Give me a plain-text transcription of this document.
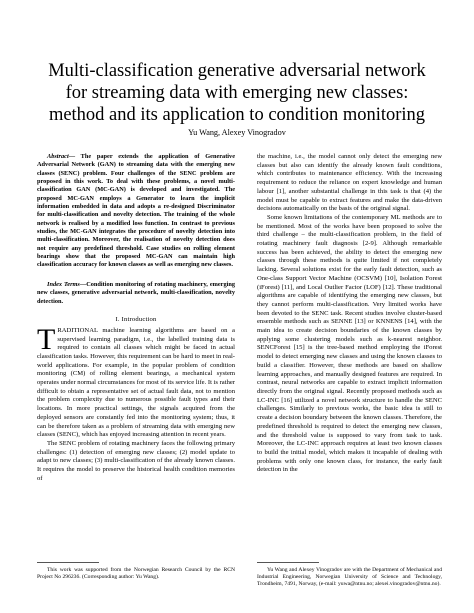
Multi-classification generative adversarial network
for streaming data with emerging new classes:
method and its application to condition monitoring
Yu Wang, Alexey Vinogradov

Abstract— The paper extends the application of Generative Adversarial Network (GAN) to streaming data with the emerging new classes (SENC) problem. Four challenges of the SENC problem are proposed in this work. To deal with these problems, a novel multi-classification GAN (MC-GAN) is developed and investigated. The proposed MC-GAN employs a Generator to learn the implicit information embedded in data and adopts a re-designed Discriminator for multi-classification and novelty detection. The training of the whole network is realised by a modified loss function. In contrast to previous studies, the MC-GAN integrates the procedure of novelty detection into multi-classification. Moreover, the realisation of novelty detection does not require any predefined threshold. Case studies on rolling element bearings show that the proposed MC-GAN can maintain high classification accuracy for known classes as well as emerging new classes.

Index Terms—Condition monitoring of rotating machinery, emerging new classes, generative adversarial network, multi-classification, novelty detection.

I. Introduction

TRADITIONAL machine learning algorithms are based on a supervised learning paradigm, i.e., the labelled training data is required to contain all classes which might be faced in actual classification tasks. However, this requirement can be hard to meet in real-world applications. For example, in the popular problem of condition monitoring (CM) of rolling element bearings, a mechanical system operates under normal circumstances for most of its service life. It is rather difficult to obtain a representative set of actual fault data, not to mention the problem complexity due to numerous possible fault types and their locations. In more practical settings, the signals acquired from the deployed sensors are constantly fed into the monitoring system; thus, it can be therefore taken as a problem of streaming data with emerging new classes (SENC), which has enjoyed increasing attention in recent years.

The SENC problem of rotating machinery faces the following primary challenges: (1) detection of emerging new classes; (2) model update to adapt to new classes; (3) multi-classification of the already known classes. It requires the model to preserve the historical health condition memories of

the machine, i.e., the model cannot only detect the emerging new classes but also can identify the already known fault conditions, which contributes to maintenance efficiency. With the increasing requirement to reduce the reliance on expert knowledge and human labour [1], another substantial challenge in this task is that (4) the model must be capable to extract features and make the data-driven decisions automatically on the basis of the original signal.

Some known limitations of the contemporary ML methods are to be mentioned. Most of the works have been proposed to solve the third challenge – the multi-classification problem, in the field of rotating machinery fault diagnosis [2-9]. Although remarkable success has been achieved, the ability to detect the emerging new classes through these methods is quite limited if not completely lacking. Several solutions exist for the early fault detection, such as One-class Support Vector Machine (OCSVM) [10], Isolation Forest (iForest) [11], and Local Outlier Factor (LOF) [12]. These traditional algorithms are capable of identifying the emerging new classes, but they cannot perform multi-classification. Very limited works have been devoted to the SENC task. Recent studies involve cluster-based ensemble methods such as SENNE [13] or KNNENS [14], with the main idea to create decision boundaries of the known classes by applying some clustering models such as k-nearest neighbor. SENCForest [15] is the tree-based method employing the iForest model to detect emerging new classes and using the known classes to build a classifier. However, these methods are based on shallow learning approaches, and manually designed features are required. In contrast, neural networks are capable to extract implicit information directly from the original signal. Recently proposed methods such as LC-INC [16] utilized a novel network structure to handle the SENC challenges. Similarly to previous works, the basic idea is still to create a decision boundary between the known classes. Therefore, the predefined threshold is required to detect the emerging new classes, and the threshold value is supposed to vary from task to task. Moreover, the LC-INC approach requires at least two known classes to build the initial model, which makes it incapable of dealing with problems with only one known class, for instance, the early fault detection in the

This work was supported from the Norwegian Research Council by the RCN Project No 296236. (Corresponding author: Yu Wang).

Yu Wang and Alexey Vinogradov are with the Department of Mechanical and Industrial Engineering, Norwegian University of Science and Technology, Trondheim, 7491, Norway, (e-mail: yuwa@ntnu.no; alexei.vinogradov@ntnu.no).
